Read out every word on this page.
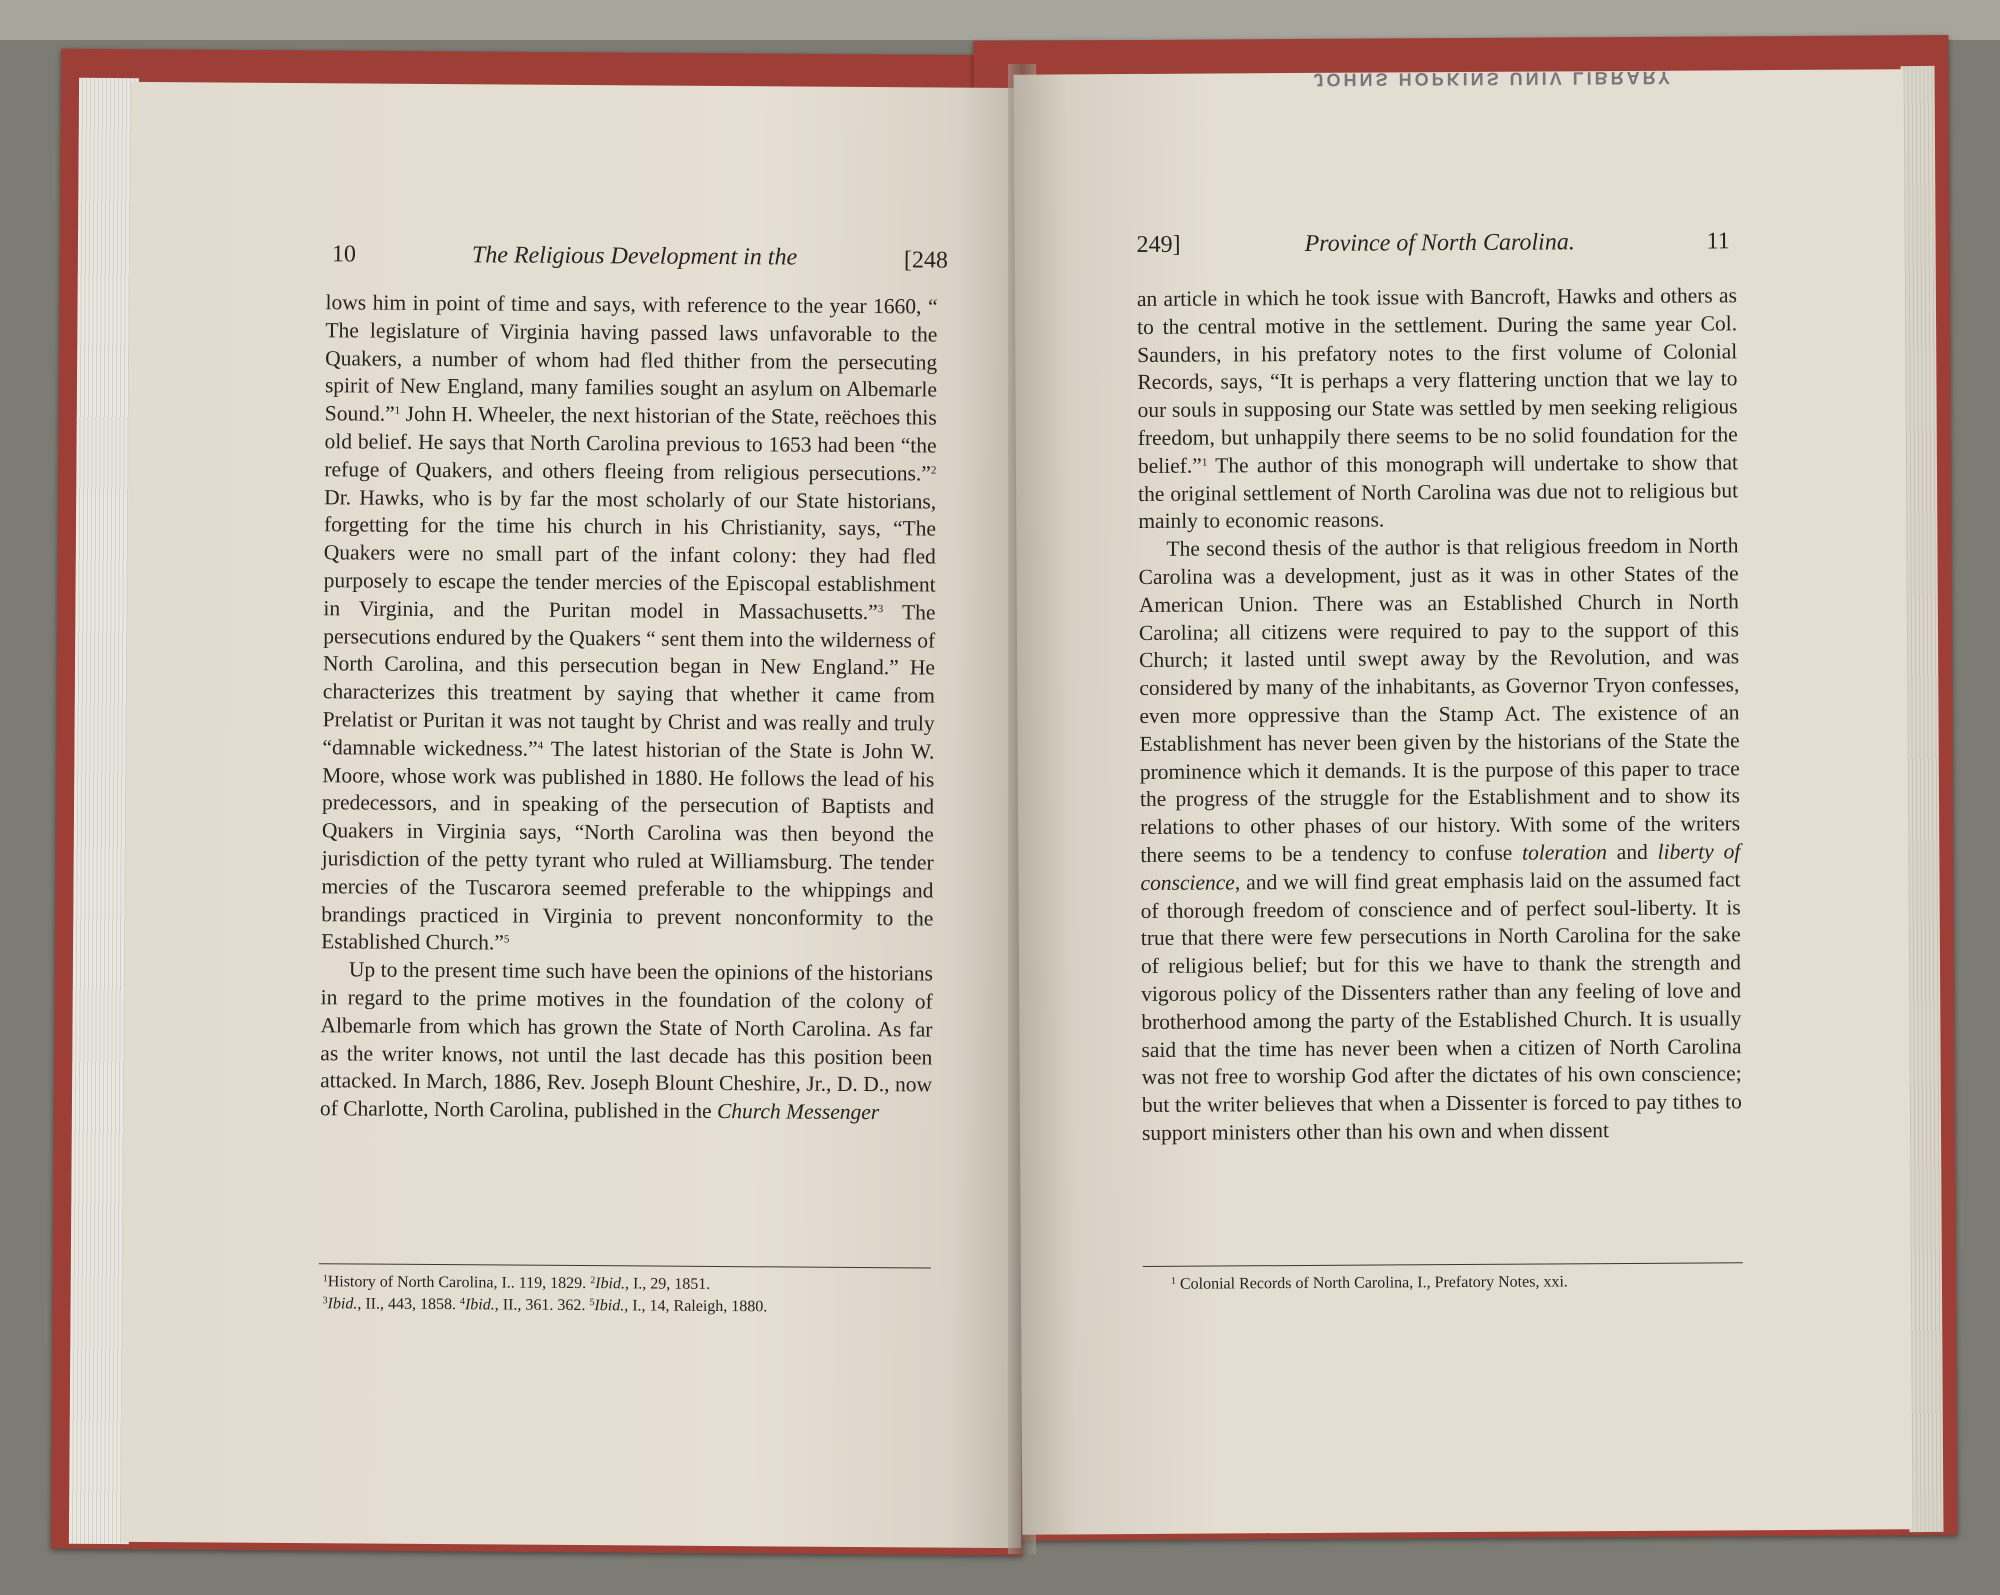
10	The Religious Development in the	[248

lows him in point of time and says, with reference to the year 1660, “ The legislature of Virginia having passed laws unfavorable to the Quakers, a number of whom had fled thither from the persecuting spirit of New England, many families sought an asylum on Albemarle Sound.”$^1$ John H. Wheeler, the next historian of the State, reëchoes this old belief. He says that North Carolina previous to 1653 had been “the refuge of Quakers, and others fleeing from religious persecutions.”$^2$ Dr. Hawks, who is by far the most scholarly of our State historians, forgetting for the time his church in his Christianity, says, “The Quakers were no small part of the infant colony: they had fled purposely to escape the tender mercies of the Episcopal establishment in Virginia, and the Puritan model in Massachusetts.”$^3$ The persecutions endured by the Quakers “ sent them into the wilderness of North Carolina, and this persecution began in New England.” He characterizes this treatment by saying that whether it came from Prelatist or Puritan it was not taught by Christ and was really and truly “damnable wickedness.”$^4$ The latest historian of the State is John W. Moore, whose work was published in 1880. He follows the lead of his predecessors, and in speaking of the persecution of Baptists and Quakers in Virginia says, “North Carolina was then beyond the jurisdiction of the petty tyrant who ruled at Williamsburg. The tender mercies of the Tuscarora seemed preferable to the whippings and brandings practiced in Virginia to prevent nonconformity to the Established Church.”$^5$

Up to the present time such have been the opinions of the historians in regard to the prime motives in the foundation of the colony of Albemarle from which has grown the State of North Carolina. As far as the writer knows, not until the last decade has this position been attacked. In March, 1886, Rev. Joseph Blount Cheshire, Jr., D. D., now of Charlotte, North Carolina, published in the Church Messenger

$^1$History of North Carolina, I.. 119, 1829. $^2$Ibid., I., 29, 1851.
$^3$Ibid., II., 443, 1858. $^4$Ibid., II., 361. 362. $^5$Ibid., I., 14, Raleigh, 1880.
JOHNS HOPKINS UNIV LIBRARY
249]	Province of North Carolina.	11

an article in which he took issue with Bancroft, Hawks and others as to the central motive in the settlement. During the same year Col. Saunders, in his prefatory notes to the first volume of Colonial Records, says, “It is perhaps a very flattering unction that we lay to our souls in supposing our State was settled by men seeking religious freedom, but unhappily there seems to be no solid foundation for the belief.”$^1$ The author of this monograph will undertake to show that the original settlement of North Carolina was due not to religious but mainly to economic reasons.

The second thesis of the author is that religious freedom in North Carolina was a development, just as it was in other States of the American Union. There was an Established Church in North Carolina; all citizens were required to pay to the support of this Church; it lasted until swept away by the Revolution, and was considered by many of the inhabitants, as Governor Tryon confesses, even more oppressive than the Stamp Act. The existence of an Establishment has never been given by the historians of the State the prominence which it demands. It is the purpose of this paper to trace the progress of the struggle for the Establishment and to show its relations to other phases of our history. With some of the writers there seems to be a tendency to confuse toleration and liberty of conscience, and we will find great emphasis laid on the assumed fact of thorough freedom of conscience and of perfect soul-liberty. It is true that there were few persecutions in North Carolina for the sake of religious belief; but for this we have to thank the strength and vigorous policy of the Dissenters rather than any feeling of love and brotherhood among the party of the Established Church. It is usually said that the time has never been when a citizen of North Carolina was not free to worship God after the dictates of his own conscience; but the writer believes that when a Dissenter is forced to pay tithes to support ministers other than his own and when dissent

$^1$ Colonial Records of North Carolina, I., Prefatory Notes, xxi.
